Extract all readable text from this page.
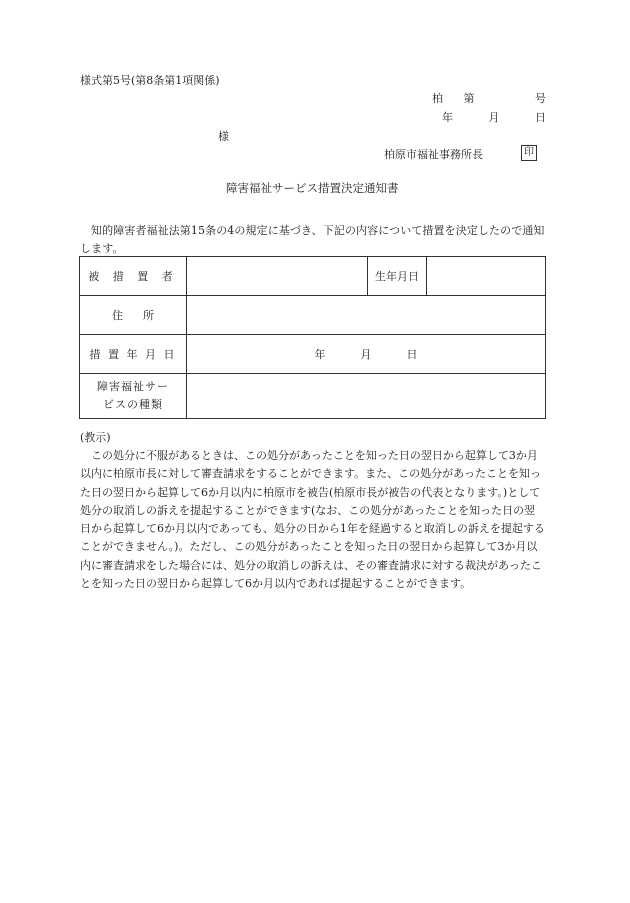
様式第5号(第8条第1項関係)
柏 第	号
年	月	日
様
柏原市福祉事務所長	印
障害福祉サービス措置決定通知書
知的障害者福祉法第15条の4の規定に基づき、下記の内容について措置を決定したので通知します。
被 措 置 者		生年月日	
住所			
措 置 年 月 日	年 月 日		

障害福祉サー
ビスの種類			

(教示)
この処分に不服があるときは、この処分があったことを知った日の翌日から起算して3か月以内に柏原市長に対して審査請求をすることができます。また、この処分があったことを知った日の翌日から起算して6か月以内に柏原市を被告(柏原市長が被告の代表となります。)として処分の取消しの訴えを提起することができます(なお、この処分があったことを知った日の翌日から起算して6か月以内であっても、処分の日から1年を経過すると取消しの訴えを提起することができません。)。ただし、この処分があったことを知った日の翌日から起算して3か月以内に審査請求をした場合には、処分の取消しの訴えは、その審査請求に対する裁決があったことを知った日の翌日から起算して6か月以内であれば提起することができます。
